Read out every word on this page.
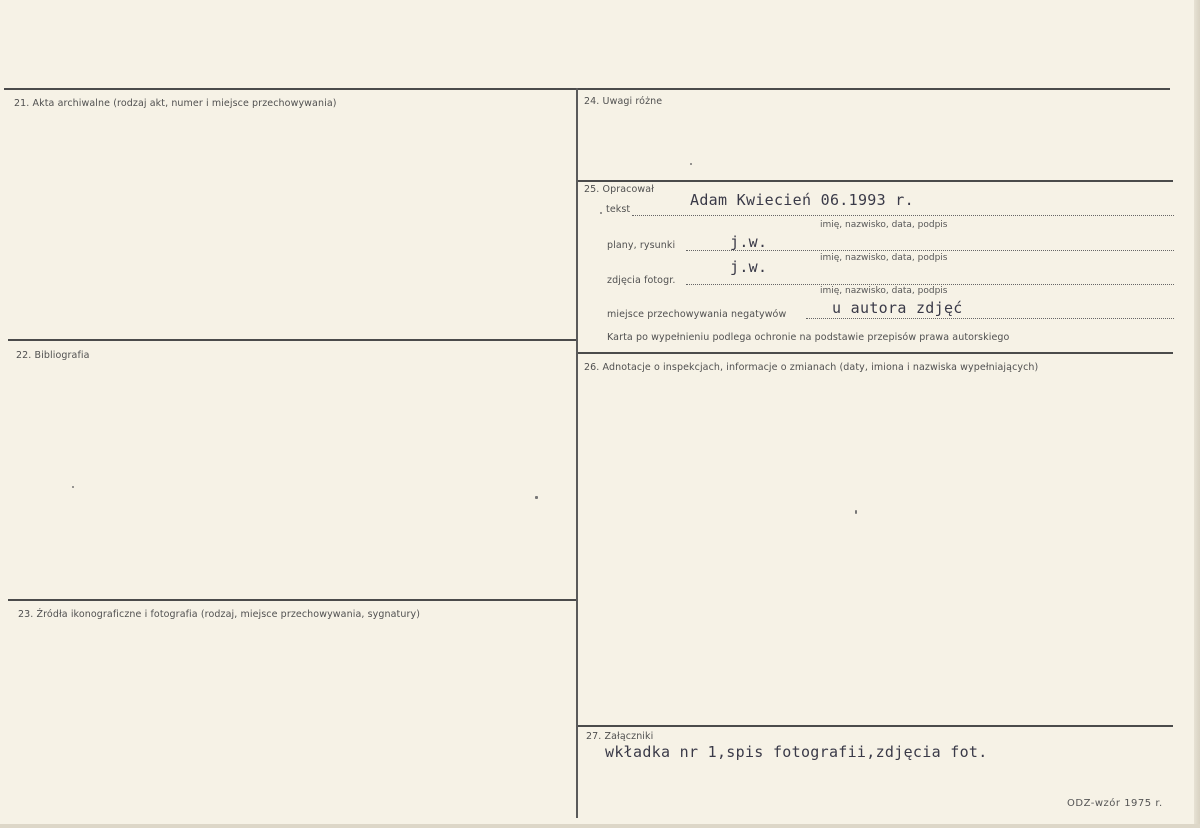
21. Akta archiwalne (rodzaj akt, numer i miejsce przechowywania)
22. Bibliografia
23. Źródła ikonograficzne i fotografia (rodzaj, miejsce przechowywania, sygnatury)
24. Uwagi różne
25. Opracował
tekst
Adam Kwiecień 06.1993 r.
imię, nazwisko, data, podpis
plany, rysunki	j.w.
imię, nazwisko, data, podpis
zdjęcia fotogr.
j.w.
imię, nazwisko, data, podpis
miejsce przechowywania negatywów	u autora zdjęć
Karta po wypełnieniu podlega ochronie na podstawie przepisów prawa autorskiego
26. Adnotacje o inspekcjach, informacje o zmianach (daty, imiona i nazwiska wypełniających)
27. Załączniki
wkładka nr 1,spis fotografii,zdjęcia fot.
ODZ-wzór 1975 r.
